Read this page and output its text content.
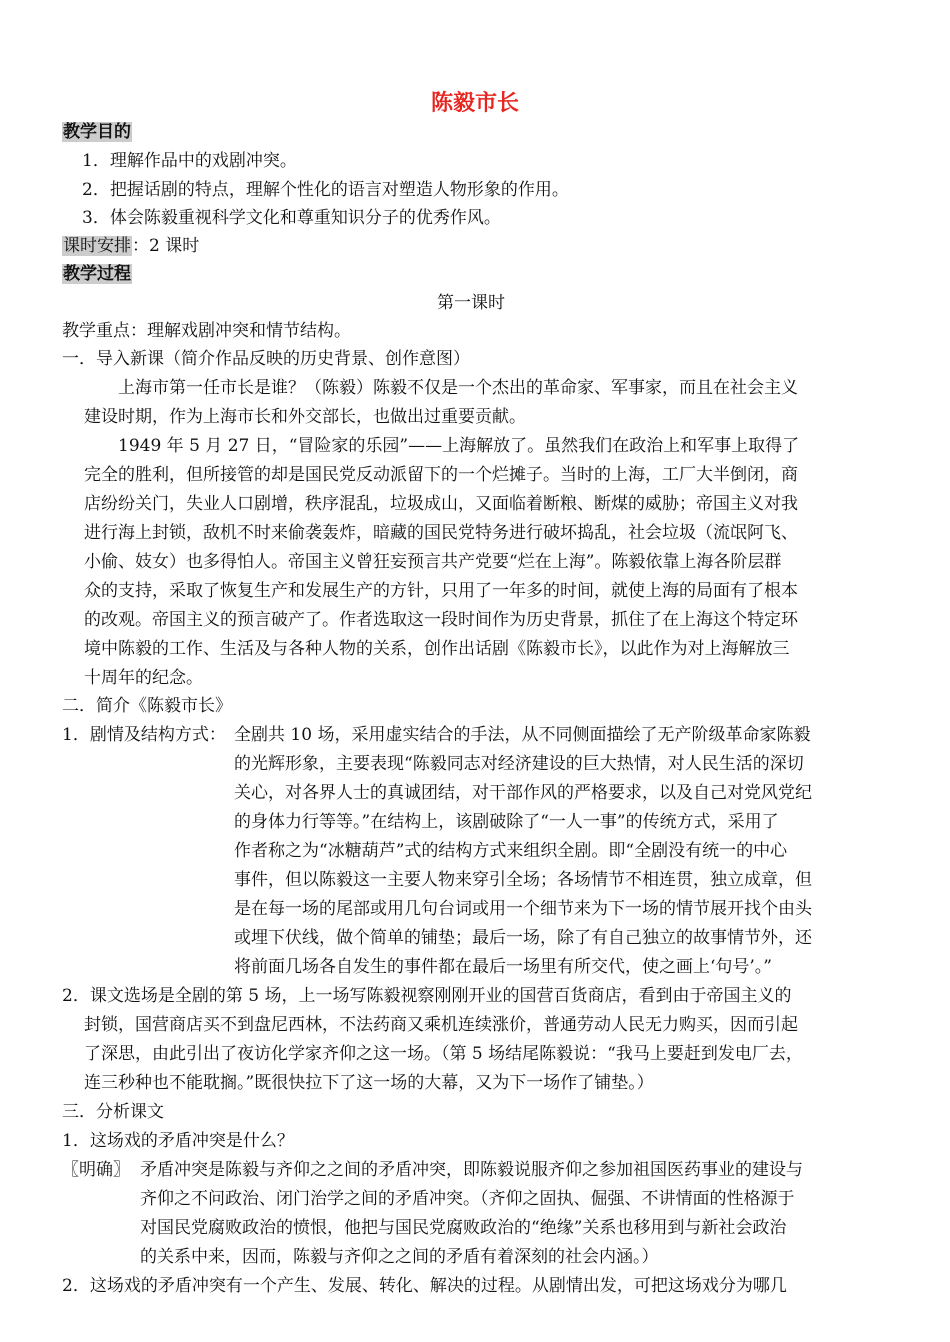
陈毅市长
教学目的
1．理解作品中的戏剧冲突。
2．把握话剧的特点，理解个性化的语言对塑造人物形象的作用。
3．体会陈毅重视科学文化和尊重知识分子的优秀作风。
课时安排：2 课时
教学过程
第一课时
教学重点：理解戏剧冲突和情节结构。
一．导入新课（简介作品反映的历史背景、创作意图）
上海市第一任市长是谁？（陈毅）陈毅不仅是一个杰出的革命家、军事家，而且在社会主义
建设时期，作为上海市长和外交部长，也做出过重要贡献。
1949 年 5 月 27 日，“冒险家的乐园”——上海解放了。虽然我们在政治上和军事上取得了
完全的胜利，但所接管的却是国民党反动派留下的一个烂摊子。当时的上海，工厂大半倒闭，商
店纷纷关门，失业人口剧增，秩序混乱，垃圾成山，又面临着断粮、断煤的威胁；帝国主义对我
进行海上封锁，敌机不时来偷袭轰炸，暗藏的国民党特务进行破坏捣乱，社会垃圾（流氓阿飞、
小偷、妓女）也多得怕人。帝国主义曾狂妄预言共产党要“烂在上海”。陈毅依靠上海各阶层群
众的支持，采取了恢复生产和发展生产的方针，只用了一年多的时间，就使上海的局面有了根本
的改观。帝国主义的预言破产了。作者选取这一段时间作为历史背景，抓住了在上海这个特定环
境中陈毅的工作、生活及与各种人物的关系，创作出话剧《陈毅市长》，以此作为对上海解放三
十周年的纪念。
二．简介《陈毅市长》
1．剧情及结构方式： 全剧共 10 场，采用虚实结合的手法，从不同侧面描绘了无产阶级革命家陈毅
的光辉形象，主要表现“陈毅同志对经济建设的巨大热情，对人民生活的深切
关心，对各界人士的真诚团结，对干部作风的严格要求，以及自己对党风党纪
的身体力行等等。”在结构上，该剧破除了“一人一事”的传统方式，采用了
作者称之为“冰糖葫芦”式的结构方式来组织全剧。即“全剧没有统一的中心
事件，但以陈毅这一主要人物来穿引全场；各场情节不相连贯，独立成章，但
是在每一场的尾部或用几句台词或用一个细节来为下一场的情节展开找个由头
或埋下伏线，做个简单的铺垫；最后一场，除了有自己独立的故事情节外，还
将前面几场各自发生的事件都在最后一场里有所交代，使之画上‘句号’。”
2．课文选场是全剧的第 5 场，上一场写陈毅视察刚刚开业的国营百货商店，看到由于帝国主义的
封锁，国营商店买不到盘尼西林，不法药商又乘机连续涨价，普通劳动人民无力购买，因而引起
了深思，由此引出了夜访化学家齐仰之这一场。（第 5 场结尾陈毅说：“我马上要赶到发电厂去，
连三秒种也不能耽搁。”既很快拉下了这一场的大幕，又为下一场作了铺垫。）
三．分析课文
1．这场戏的矛盾冲突是什么？
〖明确〗 矛盾冲突是陈毅与齐仰之之间的矛盾冲突，即陈毅说服齐仰之参加祖国医药事业的建设与
齐仰之不问政治、闭门治学之间的矛盾冲突。（齐仰之固执、倔强、不讲情面的性格源于
对国民党腐败政治的愤恨，他把与国民党腐败政治的“绝缘”关系也移用到与新社会政治
的关系中来，因而，陈毅与齐仰之之间的矛盾有着深刻的社会内涵。）
2．这场戏的矛盾冲突有一个产生、发展、转化、解决的过程。从剧情出发，可把这场戏分为哪几
